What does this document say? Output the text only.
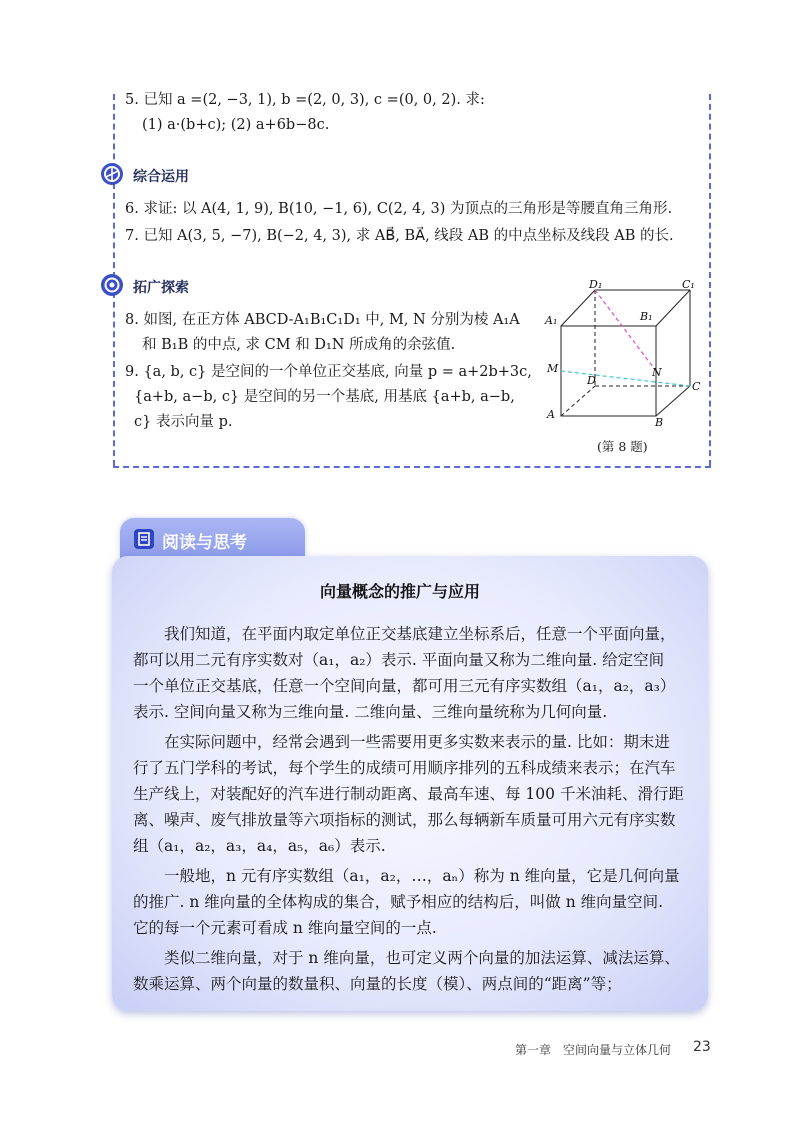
5. 已知 a =(2, −3, 1), b =(2, 0, 3), c =(0, 0, 2). 求:
(1) a·(b+c); (2) a+6b−8c.
综合运用
6. 求证: 以 A(4, 1, 9), B(10, −1, 6), C(2, 4, 3) 为顶点的三角形是等腰直角三角形.
7. 已知 A(3, 5, −7), B(−2, 4, 3), 求 AB⃗, BA⃗, 线段 AB 的中点坐标及线段 AB 的长.
拓广探索
8. 如图, 在正方体 ABCD-A₁B₁C₁D₁ 中, M, N 分别为棱 A₁A
和 B₁B 的中点, 求 CM 和 D₁N 所成角的余弦值.
9. {a, b, c} 是空间的一个单位正交基底, 向量 p = a+2b+3c,
{a+b, a−b, c} 是空间的另一个基底, 用基底 {a+b, a−b,
c} 表示向量 p.
D₁	C₁
A₁	B₁
M	N
D	C
A
B
(第 8 题)
阅读与思考
向量概念的推广与应用

我们知道，在平面内取定单位正交基底建立坐标系后，任意一个平面向量，

都可以用二元有序实数对（a₁，a₂）表示. 平面向量又称为二维向量. 给定空间

一个单位正交基底，任意一个空间向量，都可用三元有序实数组（a₁，a₂，a₃）

表示. 空间向量又称为三维向量. 二维向量、三维向量统称为几何向量.

在实际问题中，经常会遇到一些需要用更多实数来表示的量. 比如：期末进

行了五门学科的考试，每个学生的成绩可用顺序排列的五科成绩来表示；在汽车

生产线上，对装配好的汽车进行制动距离、最高车速、每 100 千米油耗、滑行距

离、噪声、废气排放量等六项指标的测试，那么每辆新车质量可用六元有序实数

组（a₁，a₂，a₃，a₄，a₅，a₆）表示.

一般地，n 元有序实数组（a₁，a₂，…，aₙ）称为 n 维向量，它是几何向量

的推广. n 维向量的全体构成的集合，赋予相应的结构后，叫做 n 维向量空间.

它的每一个元素可看成 n 维向量空间的一点.

类似二维向量，对于 n 维向量，也可定义两个向量的加法运算、减法运算、

数乘运算、两个向量的数量积、向量的长度（模）、两点间的“距离”等；

第一章　空间向量与立体几何 23
